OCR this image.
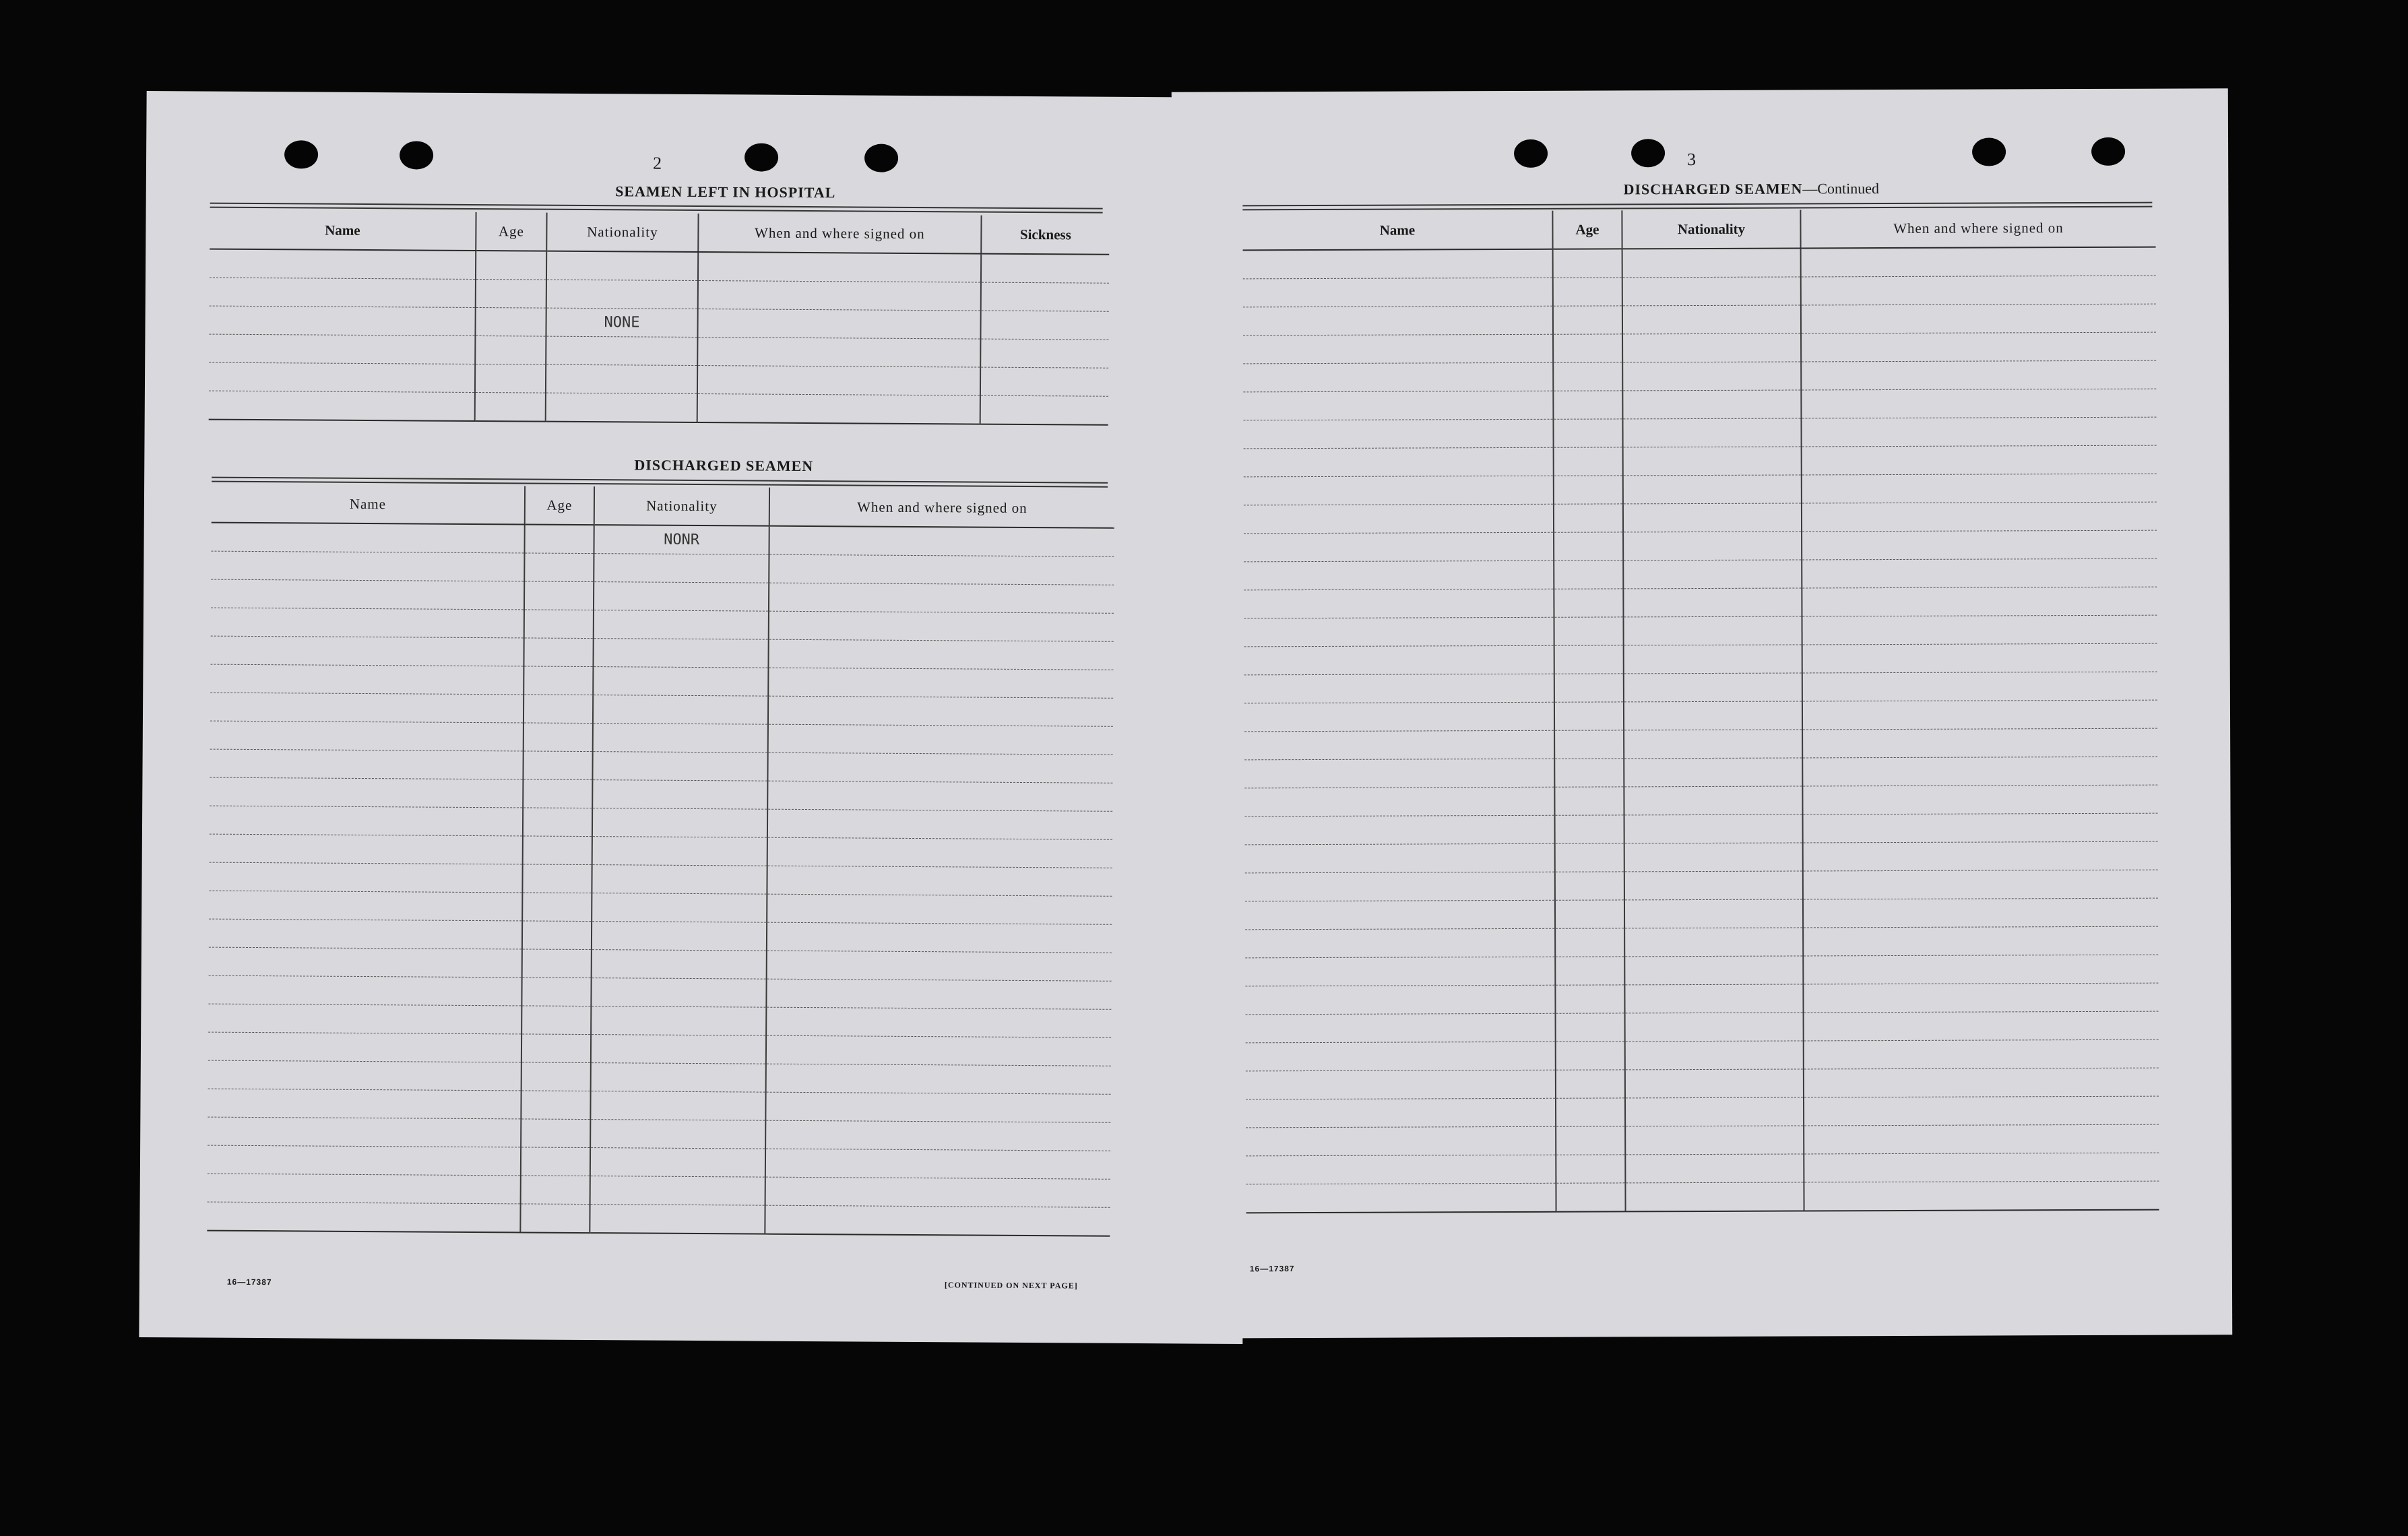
2
SEAMEN LEFT IN HOSPITAL
Name	Age	Nationality	When and where signed on	Sickness

		NONE		

DISCHARGED SEAMEN
Name	Age	Nationality	When and where signed on
		NONR	

16—17387	[CONTINUED ON NEXT PAGE]
3
DISCHARGED SEAMEN—Continued
Name	Age	Nationality	When and where signed on

16—17387
